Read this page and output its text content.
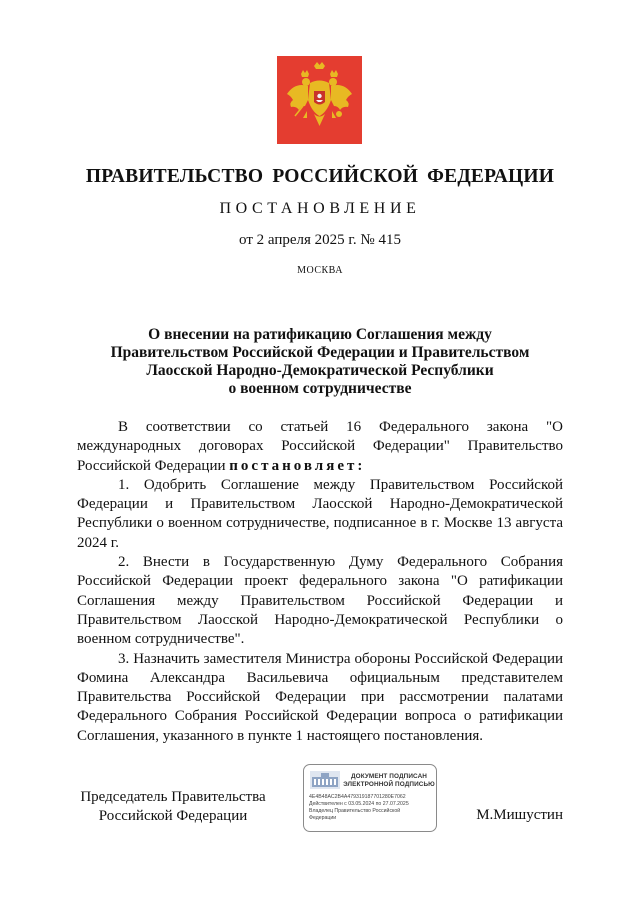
ПРАВИТЕЛЬСТВО РОССИЙСКОЙ ФЕДЕРАЦИИ
ПОСТАНОВЛЕНИЕ
от 2 апреля 2025 г. № 415
МОСКВА
О внесении на ратификацию Соглашения между
Правительством Российской Федерации и Правительством
Лаосской Народно-Демократической Республики
о военном сотрудничестве

В соответствии со статьей 16 Федерального закона "О международных договорах Российской Федерации" Правительство Российской Федерации постановляет:

1. Одобрить Соглашение между Правительством Российской Федерации и Правительством Лаосской Народно-Демократической Республики о военном сотрудничестве, подписанное в г. Москве 13 августа 2024 г.

2. Внести в Государственную Думу Федерального Собрания Российской Федерации проект федерального закона "О ратификации Соглашения между Правительством Российской Федерации и Правительством Лаосской Народно-Демократической Республики о военном сотрудничестве".

3. Назначить заместителя Министра обороны Российской Федерации Фомина Александра Васильевича официальным представителем Правительства Российской Федерации при рассмотрении палатами Федерального Собрания Российской Федерации вопроса о ратификации Соглашения, указанного в пункте 1 настоящего постановления.

Председатель Правительства
Российской Федерации
ДОКУМЕНТ ПОДПИСАН
ЭЛЕКТРОННОЙ ПОДПИСЬЮ
4E4B48AC2B4A479319187701280E7062
Действителен с 03.05.2024 по 27.07.2025
Владелец Правительство Российской
Федерации	М.Мишустин
